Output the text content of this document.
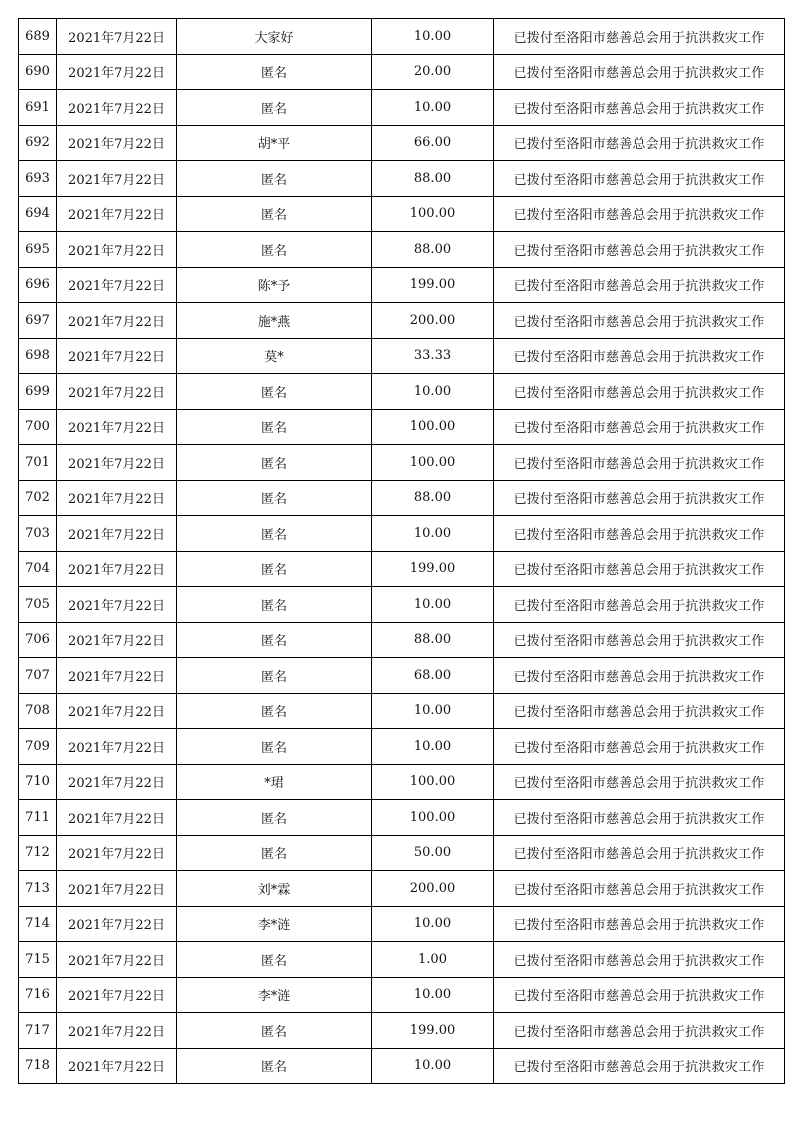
689	2021年7月22日	大家好	10.00	已拨付至洛阳市慈善总会用于抗洪救灾工作
690	2021年7月22日	匿名	20.00	已拨付至洛阳市慈善总会用于抗洪救灾工作
691	2021年7月22日	匿名	10.00	已拨付至洛阳市慈善总会用于抗洪救灾工作
692	2021年7月22日	胡*平	66.00	已拨付至洛阳市慈善总会用于抗洪救灾工作
693	2021年7月22日	匿名	88.00	已拨付至洛阳市慈善总会用于抗洪救灾工作
694	2021年7月22日	匿名	100.00	已拨付至洛阳市慈善总会用于抗洪救灾工作
695	2021年7月22日	匿名	88.00	已拨付至洛阳市慈善总会用于抗洪救灾工作
696	2021年7月22日	陈*予	199.00	已拨付至洛阳市慈善总会用于抗洪救灾工作
697	2021年7月22日	施*燕	200.00	已拨付至洛阳市慈善总会用于抗洪救灾工作
698	2021年7月22日	莫*	33.33	已拨付至洛阳市慈善总会用于抗洪救灾工作
699	2021年7月22日	匿名	10.00	已拨付至洛阳市慈善总会用于抗洪救灾工作
700	2021年7月22日	匿名	100.00	已拨付至洛阳市慈善总会用于抗洪救灾工作
701	2021年7月22日	匿名	100.00	已拨付至洛阳市慈善总会用于抗洪救灾工作
702	2021年7月22日	匿名	88.00	已拨付至洛阳市慈善总会用于抗洪救灾工作
703	2021年7月22日	匿名	10.00	已拨付至洛阳市慈善总会用于抗洪救灾工作
704	2021年7月22日	匿名	199.00	已拨付至洛阳市慈善总会用于抗洪救灾工作
705	2021年7月22日	匿名	10.00	已拨付至洛阳市慈善总会用于抗洪救灾工作
706	2021年7月22日	匿名	88.00	已拨付至洛阳市慈善总会用于抗洪救灾工作
707	2021年7月22日	匿名	68.00	已拨付至洛阳市慈善总会用于抗洪救灾工作
708	2021年7月22日	匿名	10.00	已拨付至洛阳市慈善总会用于抗洪救灾工作
709	2021年7月22日	匿名	10.00	已拨付至洛阳市慈善总会用于抗洪救灾工作
710	2021年7月22日	*珺	100.00	已拨付至洛阳市慈善总会用于抗洪救灾工作
711	2021年7月22日	匿名	100.00	已拨付至洛阳市慈善总会用于抗洪救灾工作
712	2021年7月22日	匿名	50.00	已拨付至洛阳市慈善总会用于抗洪救灾工作
713	2021年7月22日	刘*霖	200.00	已拨付至洛阳市慈善总会用于抗洪救灾工作
714	2021年7月22日	李*涟	10.00	已拨付至洛阳市慈善总会用于抗洪救灾工作
715	2021年7月22日	匿名	1.00	已拨付至洛阳市慈善总会用于抗洪救灾工作
716	2021年7月22日	李*涟	10.00	已拨付至洛阳市慈善总会用于抗洪救灾工作
717	2021年7月22日	匿名	199.00	已拨付至洛阳市慈善总会用于抗洪救灾工作
718	2021年7月22日	匿名	10.00	已拨付至洛阳市慈善总会用于抗洪救灾工作
